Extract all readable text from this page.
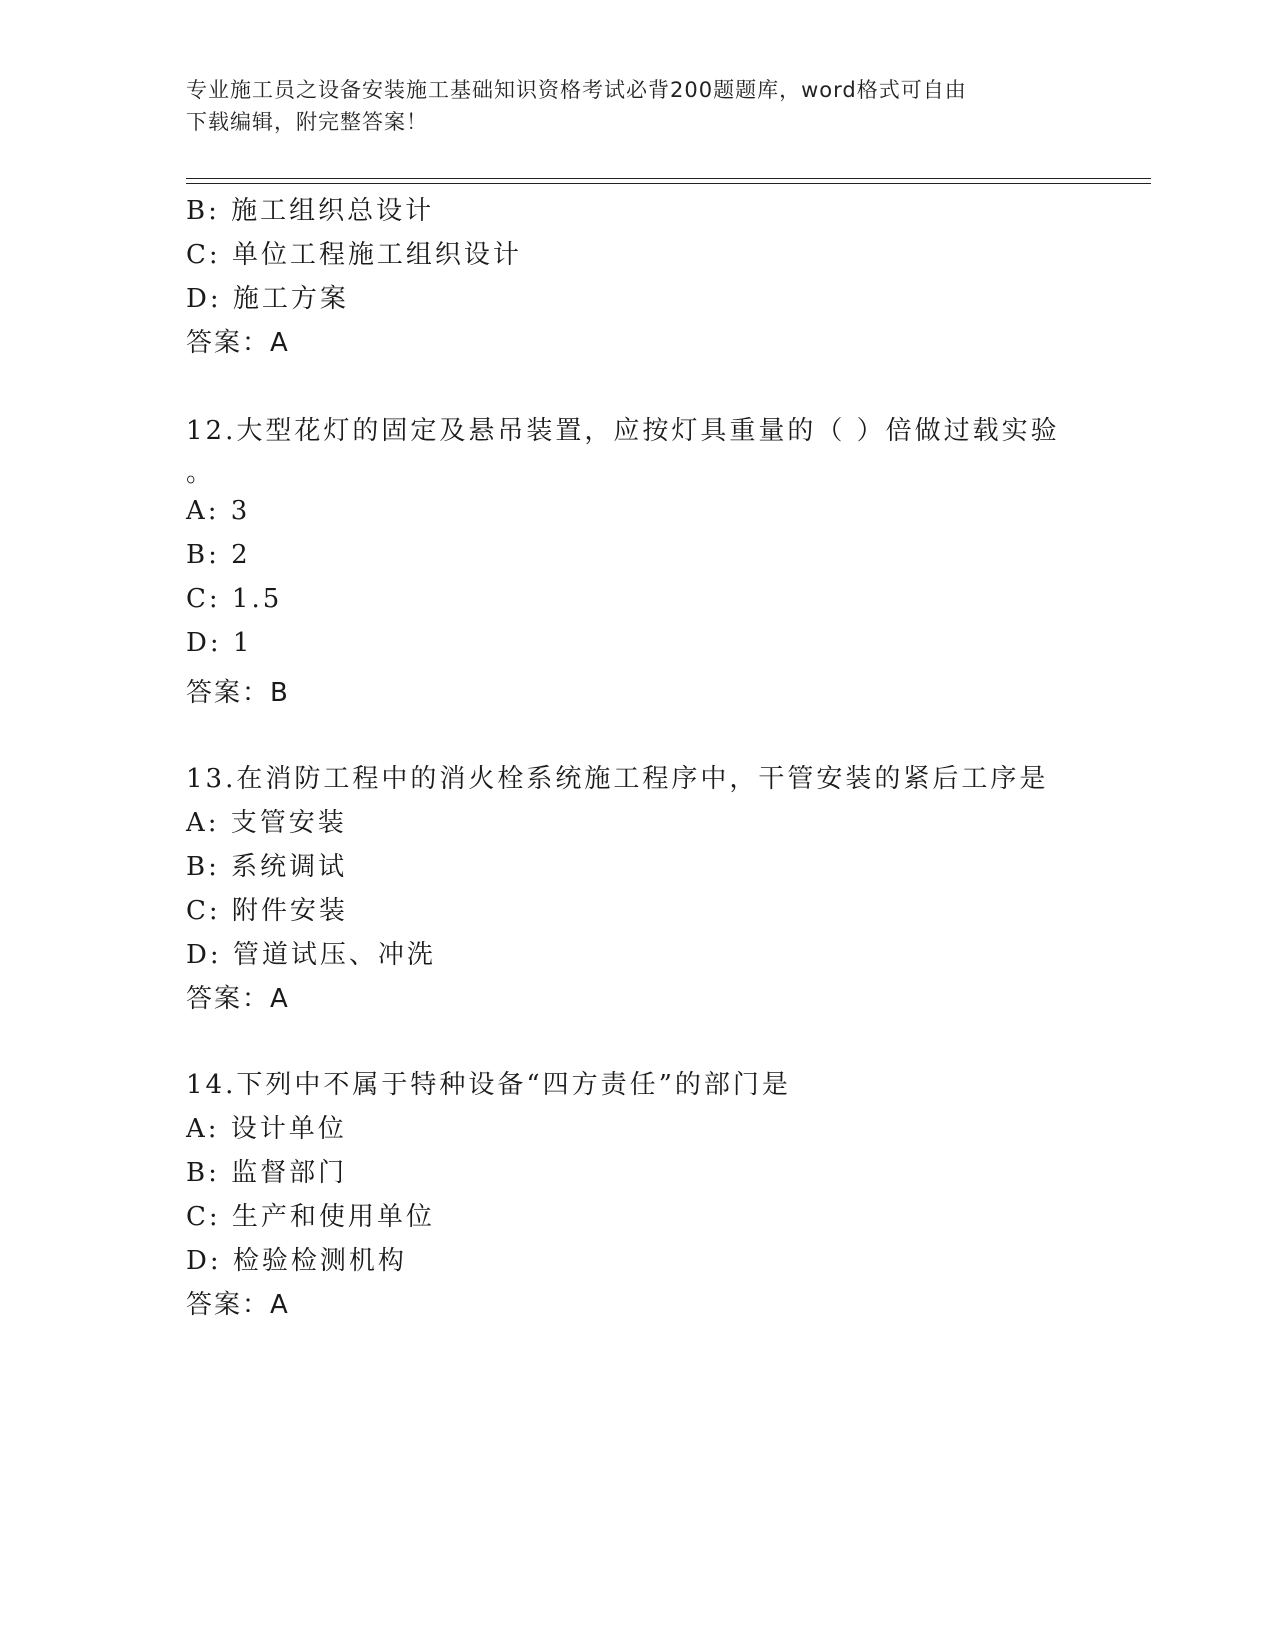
专业施工员之设备安装施工基础知识资格考试必背200题题库，word格式可自由
下载编辑，附完整答案！
B: 施工组织总设计
C: 单位工程施工组织设计
D: 施工方案
答案：A
12.大型花灯的固定及悬吊装置，应按灯具重量的（ ）倍做过载实验
。
A: 3
B: 2
C: 1.5
D: 1
答案：B
13.在消防工程中的消火栓系统施工程序中，干管安装的紧后工序是
A: 支管安装
B: 系统调试
C: 附件安装
D: 管道试压、冲洗
答案：A
14.下列中不属于特种设备“四方责任”的部门是
A: 设计单位
B: 监督部门
C: 生产和使用单位
D: 检验检测机构
答案：A
